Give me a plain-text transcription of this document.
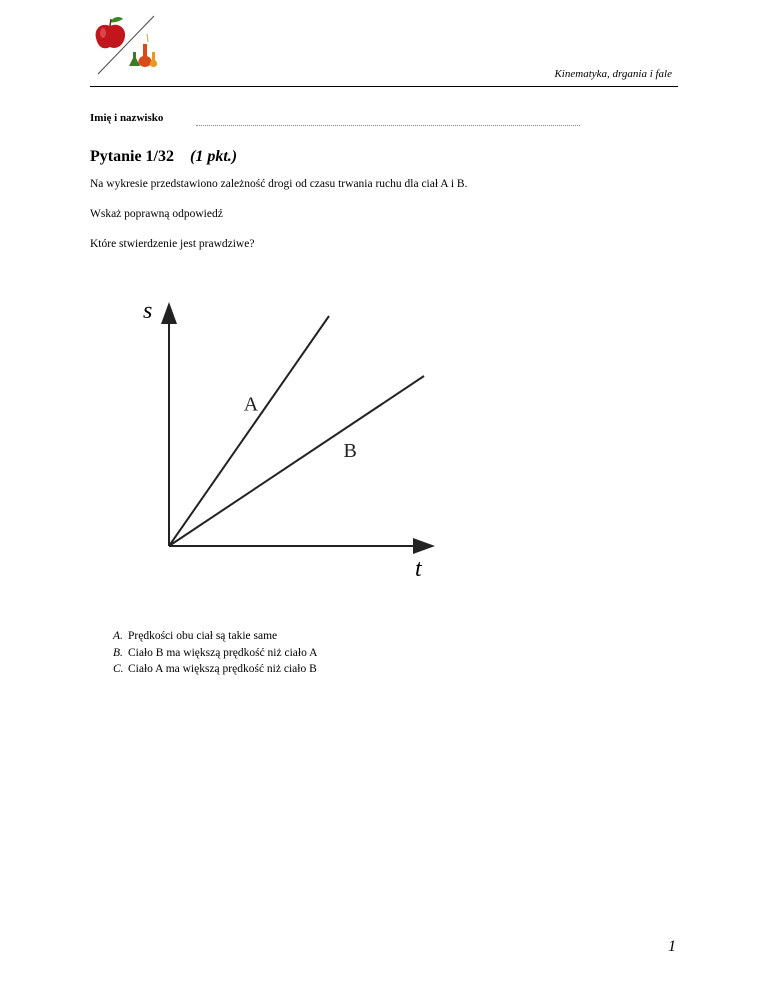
Kinematyka, drgania i fale
Imię i nazwisko
Pytanie 1/32 (1 pkt.)
Na wykresie przedstawiono zależność drogi od czasu trwania ruchu dla ciał A i B.
Wskaż poprawną odpowiedź
Które stwierdzenie jest prawdziwe?
s
t
A
B
A. Prędkości obu ciał są takie same
B. Ciało B ma większą prędkość niż ciało A
C. Ciało A ma większą prędkość niż ciało B
1
